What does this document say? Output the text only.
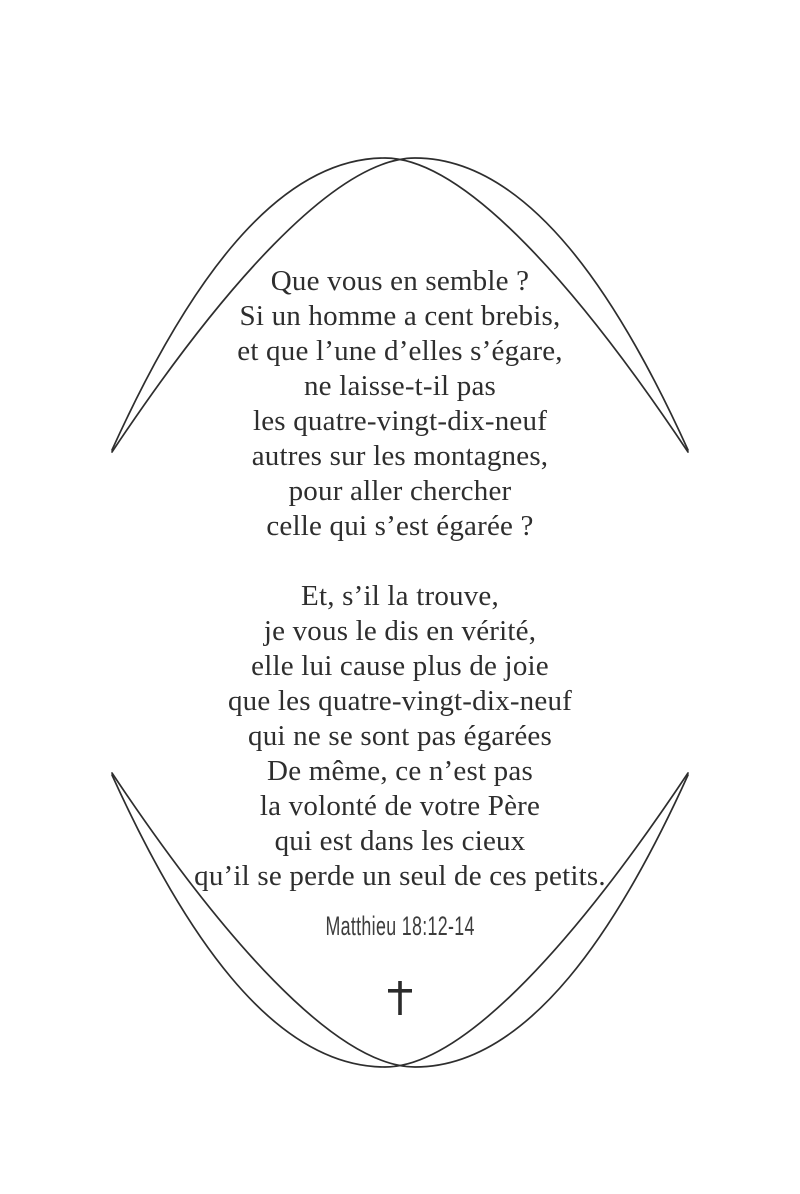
Que vous en semble ?
Si un homme a cent brebis,
et que l’une d’elles s’égare,
ne laisse-t-il pas
les quatre-vingt-dix-neuf
autres sur les montagnes,
pour aller chercher
celle qui s’est égarée ?
Et, s’il la trouve,
je vous le dis en vérité,
elle lui cause plus de joie
que les quatre-vingt-dix-neuf
qui ne se sont pas égarées
De même, ce n’est pas
la volonté de votre Père
qui est dans les cieux
qu’il se perde un seul de ces petits.
Matthieu 18:12-14
